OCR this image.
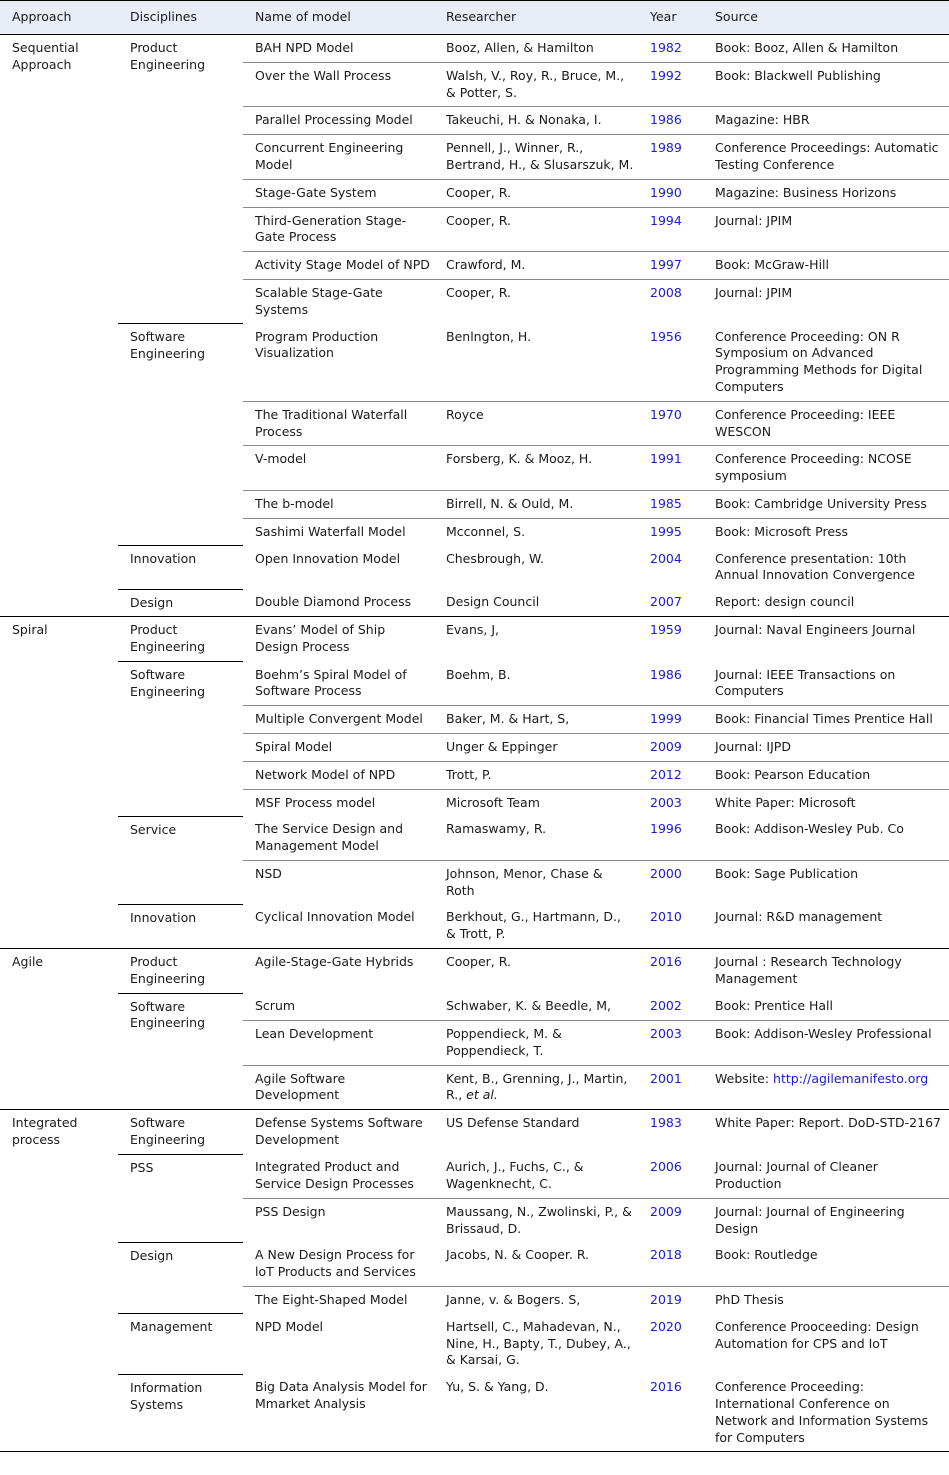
Approach	Disciplines	Name of model	Researcher	Year	Source
Sequential Approach	Product Engineering	BAH NPD Model	Booz, Allen, & Hamilton	1982	Book: Booz, Allen & Hamilton
		Over the Wall Process	Walsh, V., Roy, R., Bruce, M., & Potter, S.	1992	Book: Blackwell Publishing
		Parallel Processing Model	Takeuchi, H. & Nonaka, I.	1986	Magazine: HBR
		Concurrent Engineering Model	Pennell, J., Winner, R., Bertrand, H., & Slusarszuk, M.	1989	Conference Proceedings: Automatic Testing Conference
		Stage-Gate System	Cooper, R.	1990	Magazine: Business Horizons
		Third-Generation Stage-Gate Process	Cooper, R.	1994	Journal: JPIM
		Activity Stage Model of NPD	Crawford, M.	1997	Book: McGraw-Hill
		Scalable Stage-Gate Systems	Cooper, R.	2008	Journal: JPIM
	Software Engineering	Program Production Visualization	Benlngton, H.	1956	Conference Proceeding: ON R Symposium on Advanced Programming Methods for Digital Computers
		The Traditional Waterfall Process	Royce	1970	Conference Proceeding: IEEE WESCON
		V-model	Forsberg, K. & Mooz, H.	1991	Conference Proceeding: NCOSE symposium
		The b-model	Birrell, N. & Ould, M.	1985	Book: Cambridge University Press
		Sashimi Waterfall Model	Mcconnel, S.	1995	Book: Microsoft Press
	Innovation	Open Innovation Model	Chesbrough, W.	2004	Conference presentation: 10th Annual Innovation Convergence
	Design	Double Diamond Process	Design Council	2007	Report: design council
Spiral	Product Engineering	Evans’ Model of Ship Design Process	Evans, J,	1959	Journal: Naval Engineers Journal
	Software Engineering	Boehm’s Spiral Model of Software Process	Boehm, B.	1986	Journal: IEEE Transactions on Computers
		Multiple Convergent Model	Baker, M. & Hart, S,	1999	Book: Financial Times Prentice Hall
		Spiral Model	Unger & Eppinger	2009	Journal: IJPD
		Network Model of NPD	Trott, P.	2012	Book: Pearson Education
		MSF Process model	Microsoft Team	2003	White Paper: Microsoft
	Service	The Service Design and Management Model	Ramaswamy, R.	1996	Book: Addison-Wesley Pub. Co
		NSD	Johnson, Menor, Chase & Roth	2000	Book: Sage Publication
	Innovation	Cyclical Innovation Model	Berkhout, G., Hartmann, D., & Trott, P.	2010	Journal: R&D management
Agile	Product Engineering	Agile-Stage-Gate Hybrids	Cooper, R.	2016	Journal : Research Technology Management
	Software Engineering	Scrum	Schwaber, K. & Beedle, M,	2002	Book: Prentice Hall
		Lean Development	Poppendieck, M. & Poppendieck, T.	2003	Book: Addison-Wesley Professional
		Agile Software Development	Kent, B., Grenning, J., Martin, R., et al.	2001	Website: http://agilemanifesto.org
Integrated process	Software Engineering	Defense Systems Software Development	US Defense Standard	1983	White Paper: Report. DoD-STD-2167
	PSS	Integrated Product and Service Design Processes	Aurich, J., Fuchs, C., & Wagenknecht, C.	2006	Journal: Journal of Cleaner Production
		PSS Design	Maussang, N., Zwolinski, P., & Brissaud, D.	2009	Journal: Journal of Engineering Design
	Design	A New Design Process for loT Products and Services	Jacobs, N. & Cooper. R.	2018	Book: Routledge
		The Eight-Shaped Model	Janne, v. & Bogers. S,	2019	PhD Thesis
	Management	NPD Model	Hartsell, C., Mahadevan, N., Nine, H., Bapty, T., Dubey, A., & Karsai, G.	2020	Conference Prooceeding: Design Automation for CPS and IoT
	Information Systems	Big Data Analysis Model for Mmarket Analysis	Yu, S. & Yang, D.	2016	Conference Proceeding: International Conference on Network and Information Systems for Computers
